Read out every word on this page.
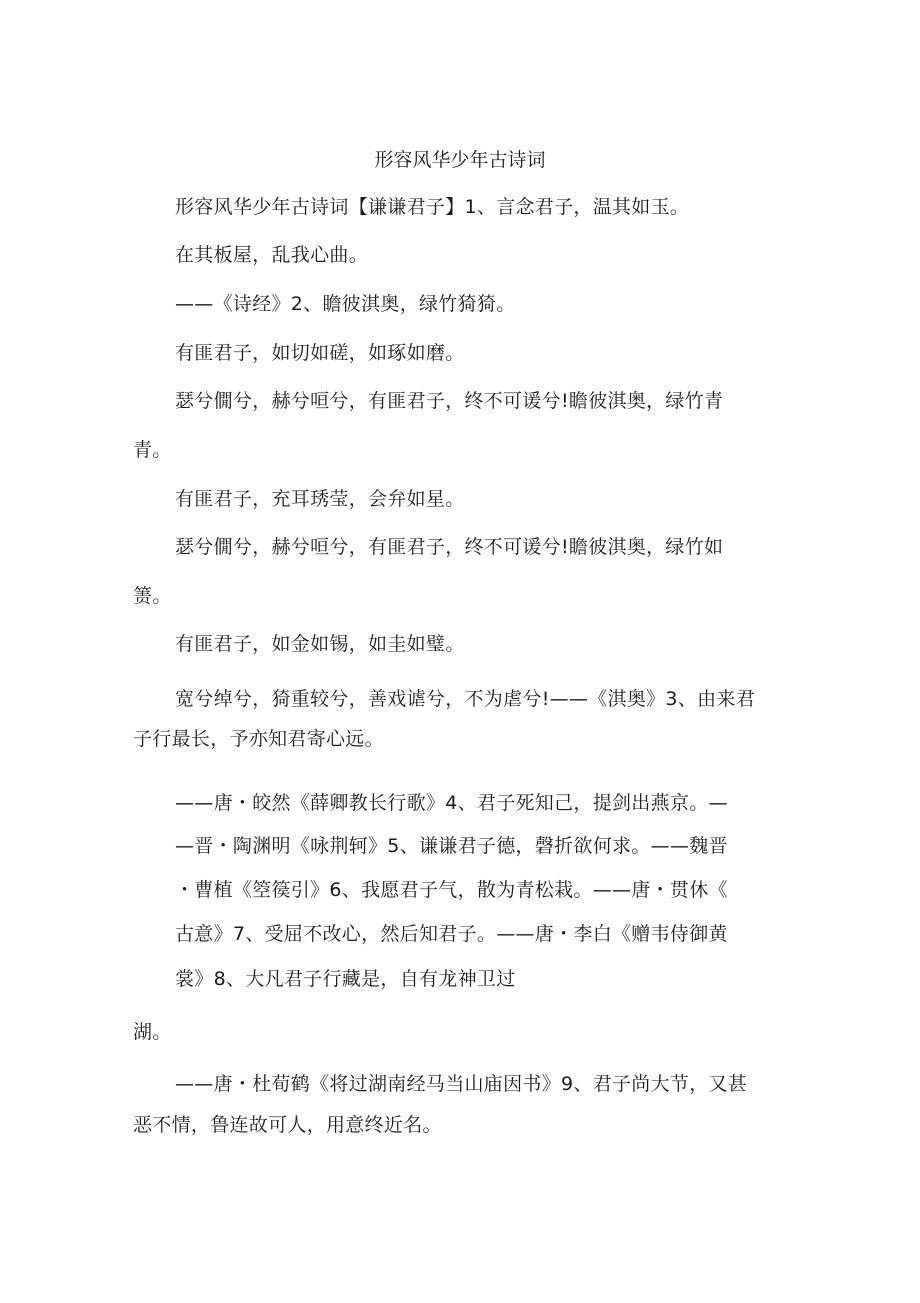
形容风华少年古诗词
形容风华少年古诗词【谦谦君子】1、言念君子，温其如玉。
在其板屋，乱我心曲。
——《诗经》2、瞻彼淇奥，绿竹猗猗。
有匪君子，如切如磋，如琢如磨。
瑟兮僩兮，赫兮咺兮，有匪君子，终不可谖兮!瞻彼淇奥，绿竹青
青。
有匪君子，充耳琇莹，会弁如星。
瑟兮僩兮，赫兮咺兮，有匪君子，终不可谖兮!瞻彼淇奥，绿竹如
箦。
有匪君子，如金如锡，如圭如璧。
宽兮绰兮，猗重较兮，善戏谑兮，不为虐兮!——《淇奥》3、由来君
子行最长，予亦知君寄心远。
——唐・皎然《薛卿教长行歌》4、君子死知己，提剑出燕京。—
—晋・陶渊明《咏荆轲》5、谦谦君子德，磬折欲何求。——魏晋
・曹植《箜篌引》6、我愿君子气，散为青松栽。——唐・贯休《
古意》7、受屈不改心，然后知君子。——唐・李白《赠韦侍御黄
裳》8、大凡君子行藏是，自有龙神卫过
湖。
——唐・杜荀鹤《将过湖南经马当山庙因书》9、君子尚大节，又甚
恶不情，鲁连故可人，用意终近名。
